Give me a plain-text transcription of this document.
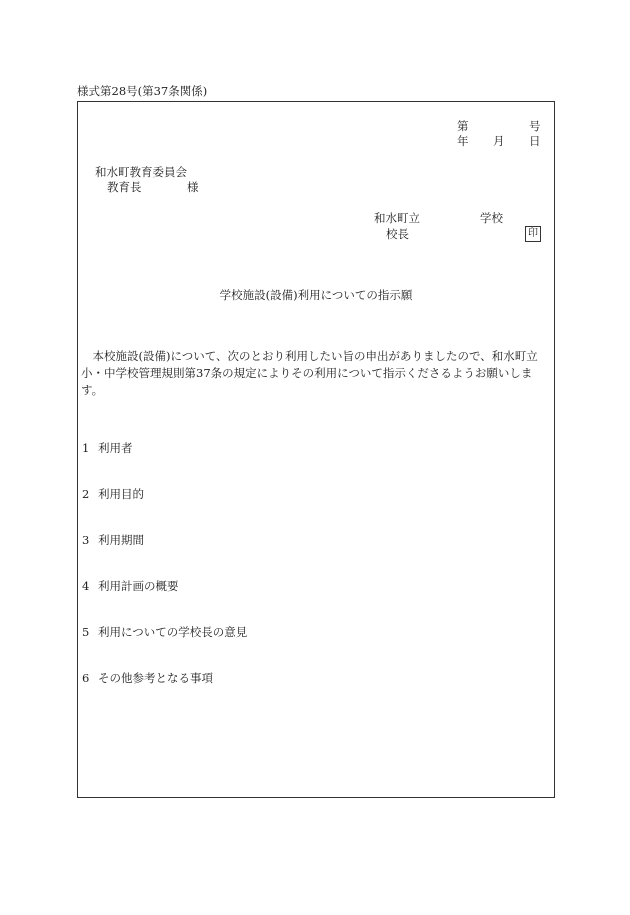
様式第28号(第37条関係)
第	号
年 月 日
和水町教育委員会
教育長	様
和水町立	学校
校長	印
学校施設(設備)利用についての指示願

本校施設(設備)について、次のとおり利用したい旨の申出がありましたので、和水町立小・中学校管理規則第37条の規定によりその利用について指示くださるようお願いします。

1 利用者
2 利用目的
3 利用期間
4 利用計画の概要
5 利用についての学校長の意見
6 その他参考となる事項
